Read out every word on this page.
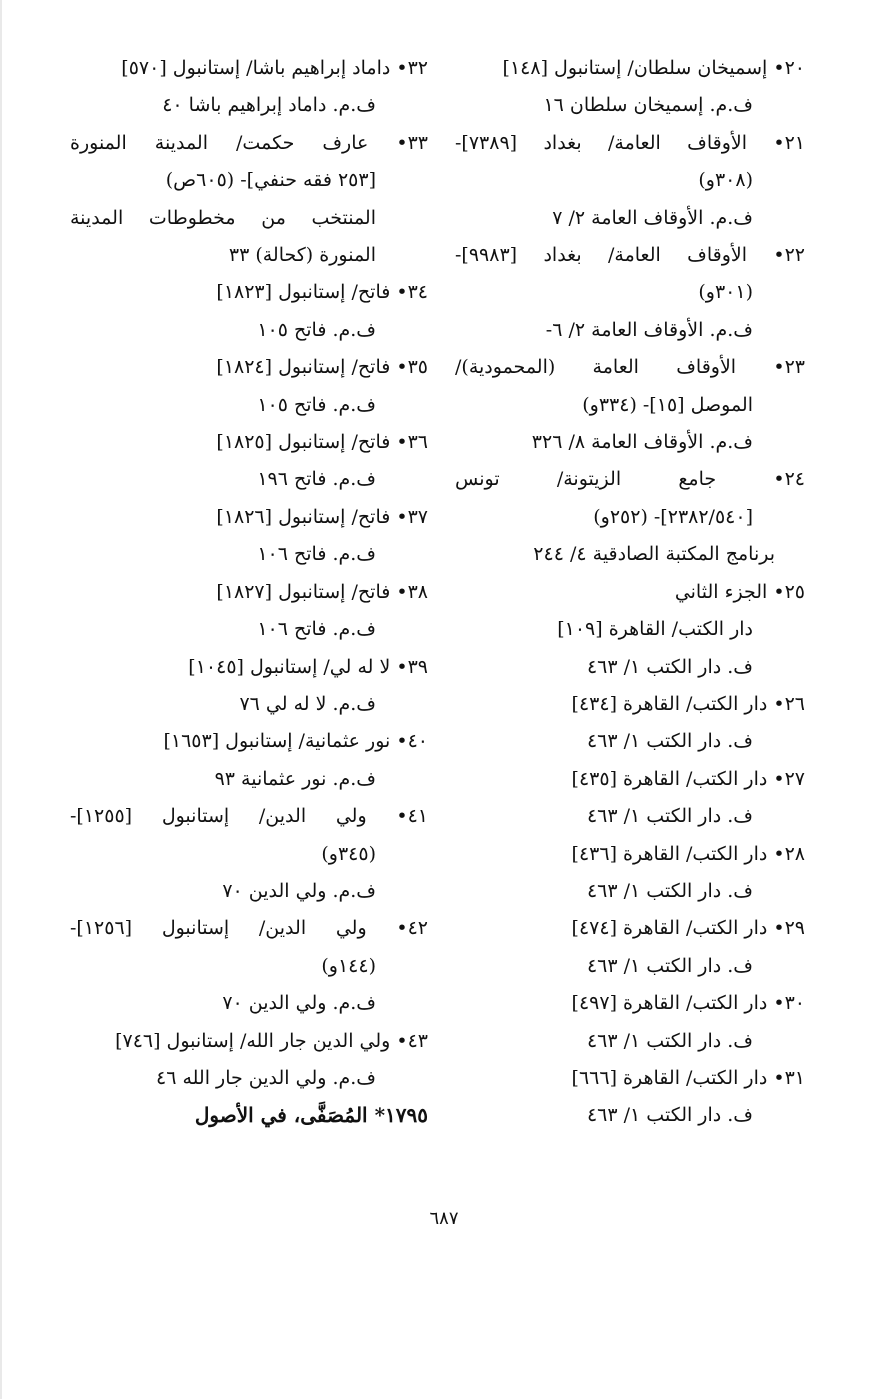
٢٠• إسميخان سلطان/ إستانبول [١٤٨]
ف.م. إسميخان سلطان ١٦
٢١• الأوقاف العامة/ بغداد [٧٣٨٩]-
(٣٠٨و)
ف.م. الأوقاف العامة ٢/ ٧
٢٢• الأوقاف العامة/ بغداد [٩٩٨٣]-
(٣٠١و)
ف.م. الأوقاف العامة ٢/ ٦-
٢٣• الأوقاف العامة (المحمودية)/
الموصل [١٥]- (٣٣٤و)
ف.م. الأوقاف العامة ٨/ ٣٢٦
٢٤• جامع الزيتونة/ تونس
[٢٣٨٢/٥٤٠]- (٢٥٢و)
برنامج المكتبة الصادقية ٤/ ٢٤٤
٢٥• الجزء الثاني
دار الكتب/ القاهرة [١٠٩]
ف. دار الكتب ١/ ٤٦٣
٢٦• دار الكتب/ القاهرة [٤٣٤]
ف. دار الكتب ١/ ٤٦٣
٢٧• دار الكتب/ القاهرة [٤٣٥]
ف. دار الكتب ١/ ٤٦٣
٢٨• دار الكتب/ القاهرة [٤٣٦]
ف. دار الكتب ١/ ٤٦٣
٢٩• دار الكتب/ القاهرة [٤٧٤]
ف. دار الكتب ١/ ٤٦٣
٣٠• دار الكتب/ القاهرة [٤٩٧]
ف. دار الكتب ١/ ٤٦٣
٣١• دار الكتب/ القاهرة [٦٦٦]
ف. دار الكتب ١/ ٤٦٣
٣٢• داماد إبراهيم باشا/ إستانبول [٥٧٠]
ف.م. داماد إبراهيم باشا ٤٠
٣٣• عارف حكمت/ المدينة المنورة
[٢٥٣ فقه حنفي]- (٦٠٥ص)
المنتخب من مخطوطات المدينة
المنورة (كحالة) ٣٣
٣٤• فاتح/ إستانبول [١٨٢٣]
ف.م. فاتح ١٠٥
٣٥• فاتح/ إستانبول [١٨٢٤]
ف.م. فاتح ١٠٥
٣٦• فاتح/ إستانبول [١٨٢٥]
ف.م. فاتح ١٩٦
٣٧• فاتح/ إستانبول [١٨٢٦]
ف.م. فاتح ١٠٦
٣٨• فاتح/ إستانبول [١٨٢٧]
ف.م. فاتح ١٠٦
٣٩• لا له لي/ إستانبول [١٠٤٥]
ف.م. لا له لي ٧٦
٤٠• نور عثمانية/ إستانبول [١٦٥٣]
ف.م. نور عثمانية ٩٣
٤١• ولي الدين/ إستانبول [١٢٥٥]-
(٣٤٥و)
ف.م. ولي الدين ٧٠
٤٢• ولي الدين/ إستانبول [١٢٥٦]-
(١٤٤و)
ف.م. ولي الدين ٧٠
٤٣• ولي الدين جار الله/ إستانبول [٧٤٦]
ف.م. ولي الدين جار الله ٤٦
١٧٩٥* المُصَفَّى، في الأصول
٦٨٧
